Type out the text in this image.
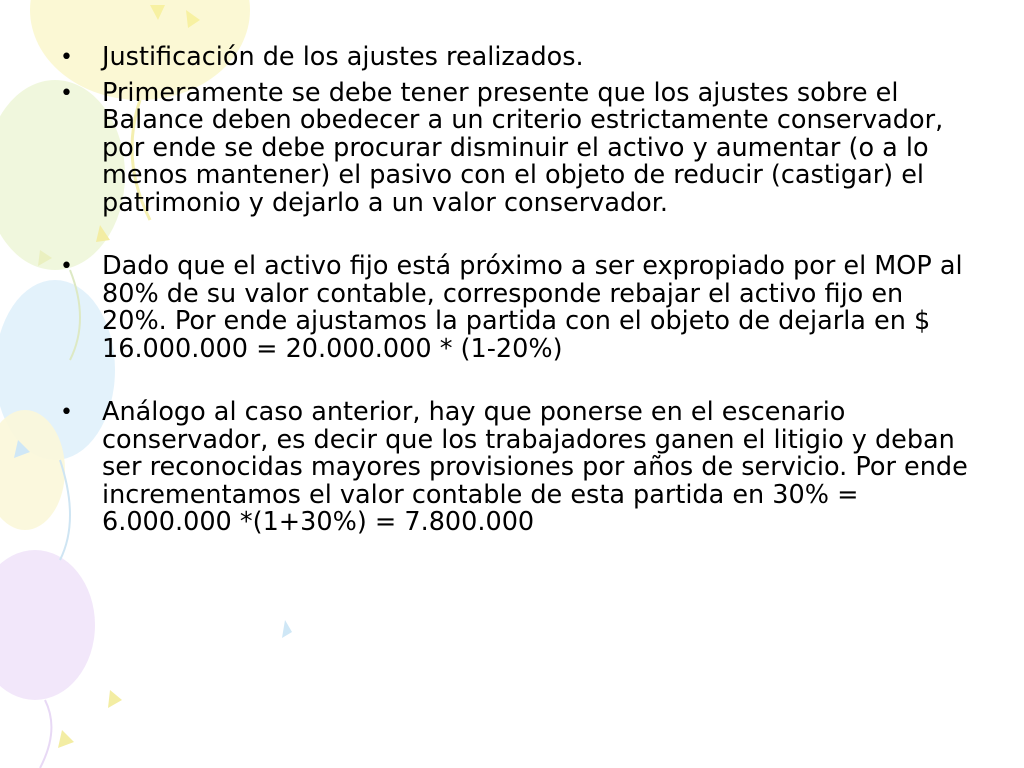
•	Justificación de los ajustes realizados.
•	Primeramente se debe tener presente que los ajustes sobre el Balance deben obedecer a un criterio estrictamente conservador, por ende se debe procurar disminuir el activo y aumentar (o a lo menos mantener) el pasivo con el objeto de reducir (castigar) el patrimonio y dejarlo a un valor conservador.
•	Dado que el activo fijo está próximo a ser expropiado por el MOP al 80% de su valor contable, corresponde rebajar el activo fijo en 20%. Por ende ajustamos la partida con el objeto de dejarla en $ 16.000.000 = 20.000.000 * (1-20%)
•	Análogo al caso anterior, hay que ponerse en el escenario conservador, es decir que los trabajadores ganen el litigio y deban ser reconocidas mayores provisiones por años de servicio. Por ende incrementamos el valor contable de esta partida en 30% = 6.000.000 *(1+30%) = 7.800.000
